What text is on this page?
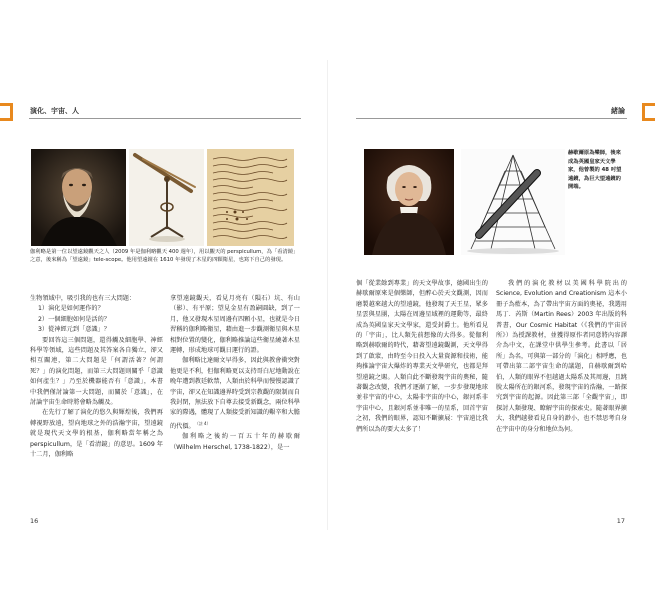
演化、宇宙、人
伽利略是第一位以望遠鏡觀天之人（2009 年是伽利略觀天 400 週年），用以觀天的 perspicullum，為「看清鏡」之意，後來稱為「望遠鏡」tele-scope。他用望遠鏡在 1610 年發現了木星的四顆衛星，也寫下自己的發現。

生物領域中，吸引我的也有三大問題：

1）演化是如何運作的？

2）一個細胞如何是活的？

3）從神經元到「意識」？

要回答這三個問題，還得觸及細胞學、神經科學等領域，這些問題及其答案各自獨立，卻又相互關連，第二大問題是「何謂活著？何謂死？」的演化問題，而第三大問題則關乎「意識如何產生？」乃至於機器能否有「意識」，本書中我們僅討論第一大問題，而關於「意識」，在討論宇宙生命時將會略為觸及。

在先行了解了演化的悠久與輝煌後，我們再轉視野放遠，望向地球之外的浩瀚宇宙，望遠鏡就是現代天文學的根基，伽利略當年稱之為 perspicullum，是「看清鏡」的意思。1609 年十二月，伽利略

拿望遠鏡觀天，看見月亮有（隕石）坑、有山（影）、有平原；望見金星有盈嗣圓缺，到了一月，他又發現木星周邊有四顆小星，也就是今日習稱的伽利略衛星，藉由進一步觀測衛星與木星相對位置的變化，伽利略推論這些衛星繞著木星運轉，形成地球可觀日運行的證。

伽利略比達爾文早得多，因此與教會衝突對他更是不利，但伽利略更以支持哥白尼地動說在晚年遭到教廷軟禁，人類由於科學而慢慢認識了宇宙，卻又在知識邊界時受到宗教觀的限制而自我封閉，無法放下自尊去接受新觀念，兩位科學家的際遇，體現了人類接受新知識的艱辛和大膽的代價。$^{(註 4)}$

伽利略之後約一百五十年的赫歇爾（Wilhelm Herschel, 1738-1822），是一

16
緒論
赫歇爾原為樂師，後來成為英國皇家天文學家，他曾製的 48 吋望遠鏡，為巨大望遠鏡的開端。

個「從業餘到專業」的天文學故事，德國出生的赫歇爾原來是個樂師，但醉心於天文觀測，因而磨製越來越大的望遠鏡，他發現了天王星，眾多星雲與星團，太陽在周邊星域裡的運動等，最終成為英國皇家天文學家，還受封爵士。他所看見的「宇宙」，比人類先前想像的大得多。從伽利略到赫歇爾的時代，藉著望遠鏡觀測，天文學得到了啟蒙，由時至今日投入大量資源和技術，能夠推論宇宙大爆炸的專業天文學研究，也都是拜望遠鏡之賜。人類自此不斷發現宇宙的奧秘，隨著觀念改變，我們才逐漸了解，一步步發現地球並非宇宙的中心，太陽非宇宙的中心，銀河系非宇宙中心，且銀河系並非唯一的星系，回首宇宙之初，我們的眼界，認知不斷擴展：宇宙遠比我們所以為的要大太多了！

我們的演化教材以美國科學院出的 Science, Evolution and Creationism 這本小冊子為藍本，為了帶出宇宙方面的奧祕，我選用馬丁．芮斯（Martin Rees）2003 年出版的科普書，Our Cosmic Habitat（《我們的宇宙居所》）為授課教材，並獲得原作者同意將內容譯介為中文，在課堂中供學生參考。此書以「居所」為名，可與第一部分的「演化」相呼應，也可帶出第二部宇宙生命的議題，自赫歇爾到哈伯，人類的眼界不但越過太陽系及其周邊，且跳脫太陽所在的銀河系，發現宇宙的浩瀚，一路探究到宇宙的起源。因此第三部「全觀宇宙」，即探討人類發現、瞭解宇宙的探索史。隨著眼界擴大，我們越發看見自身的渺小，也不禁思考自身在宇宙中的身分和地位為何。

17
